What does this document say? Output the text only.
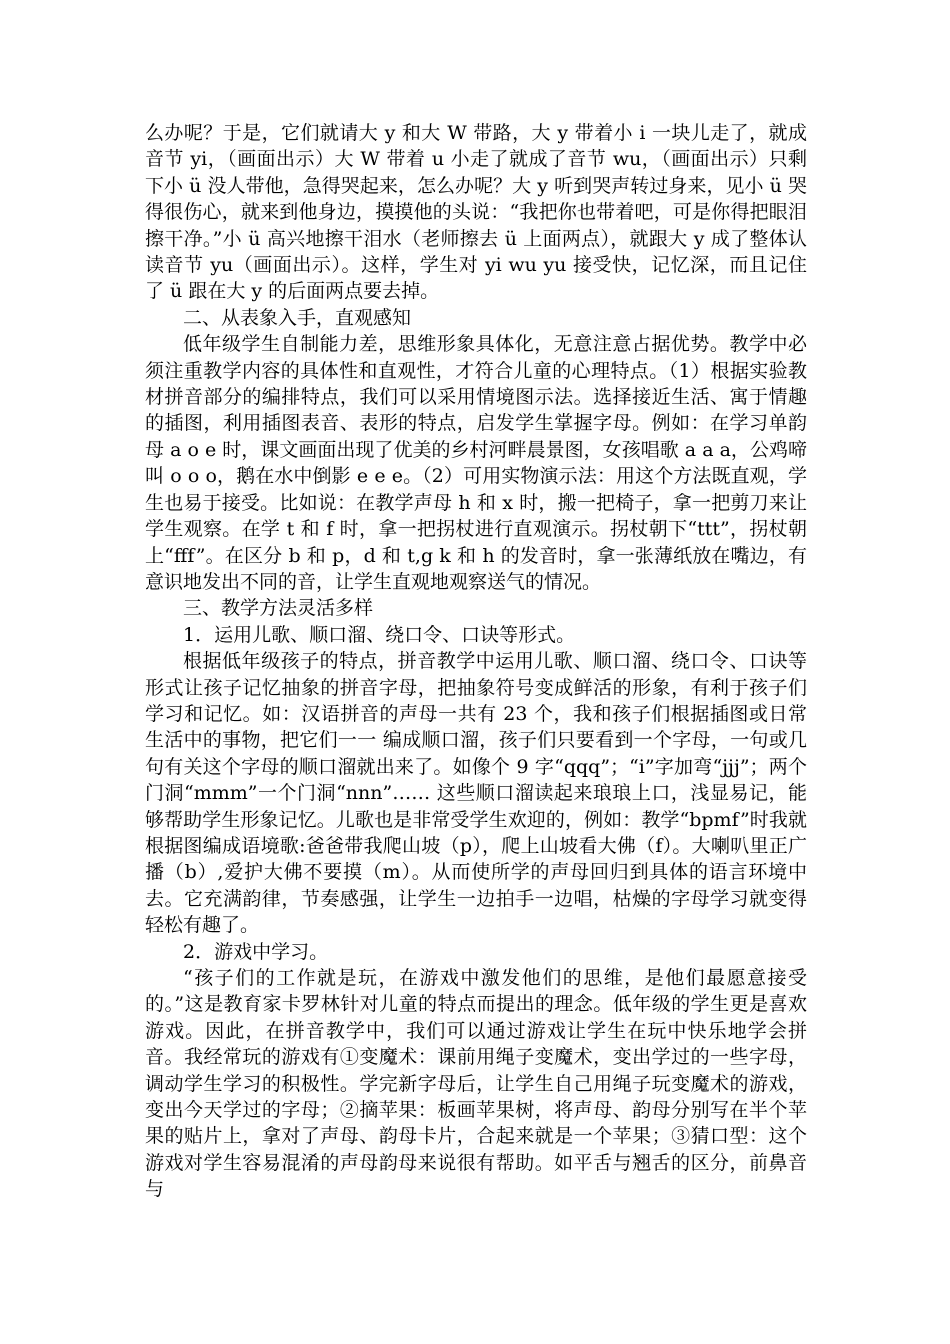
么办呢？于是，它们就请大 y 和大 W 带路，大 y 带着小 i 一块儿走了，就成音节 yi，（画面出示）大 W 带着 u 小走了就成了音节 wu，（画面出示）只剩下小 ü 没人带他，急得哭起来，怎么办呢？大 y 听到哭声转过身来，见小 ü 哭得很伤心，就来到他身边，摸摸他的头说：“我把你也带着吧，可是你得把眼泪擦干净。”小 ü 高兴地擦干泪水（老师擦去 ü 上面两点），就跟大 y 成了整体认读音节 yu（画面出示）。这样，学生对 yi wu yu 接受快，记忆深，而且记住了 ü 跟在大 y 的后面两点要去掉。

二、从表象入手，直观感知

低年级学生自制能力差，思维形象具体化，无意注意占据优势。教学中必须注重教学内容的具体性和直观性，才符合儿童的心理特点。（1）根据实验教材拼音部分的编排特点，我们可以采用情境图示法。选择接近生活、寓于情趣的插图，利用插图表音、表形的特点，启发学生掌握字母。例如：在学习单韵母 a o e 时，课文画面出现了优美的乡村河畔晨景图，女孩唱歌 a a a，公鸡啼叫 o o o，鹅在水中倒影 e e e。（2）可用实物演示法：用这个方法既直观，学生也易于接受。比如说：在教学声母 h 和 x 时，搬一把椅子，拿一把剪刀来让学生观察。在学 t 和 f 时，拿一把拐杖进行直观演示。拐杖朝下“ttt”，拐杖朝上“fff”。在区分 b 和 p，d 和 t,g k 和 h 的发音时，拿一张薄纸放在嘴边，有意识地发出不同的音，让学生直观地观察送气的情况。

三、教学方法灵活多样

1．运用儿歌、顺口溜、绕口令、口诀等形式。

根据低年级孩子的特点，拼音教学中运用儿歌、顺口溜、绕口令、口诀等形式让孩子记忆抽象的拼音字母，把抽象符号变成鲜活的形象，有利于孩子们学习和记忆。如：汉语拼音的声母一共有 23 个，我和孩子们根据插图或日常生活中的事物，把它们一一 编成顺口溜，孩子们只要看到一个字母，一句或几句有关这个字母的顺口溜就出来了。如像个 9 字“qqq”；“i”字加弯“jjj”；两个门洞“mmm”一个门洞“nnn”…… 这些顺口溜读起来琅琅上口，浅显易记，能够帮助学生形象记忆。儿歌也是非常受学生欢迎的，例如：教学“bpmf”时我就根据图编成语境歌:爸爸带我爬山坡（p），爬上山坡看大佛（f）。大喇叭里正广播（b）,爱护大佛不要摸（m）。从而使所学的声母回归到具体的语言环境中去。它充满韵律，节奏感强，让学生一边拍手一边唱，枯燥的字母学习就变得轻松有趣了。

2．游戏中学习。

“孩子们的工作就是玩，在游戏中激发他们的思维，是他们最愿意接受的。”这是教育家卡罗林针对儿童的特点而提出的理念。低年级的学生更是喜欢游戏。因此，在拼音教学中，我们可以通过游戏让学生在玩中快乐地学会拼音。我经常玩的游戏有①变魔术：课前用绳子变魔术，变出学过的一些字母，调动学生学习的积极性。学完新字母后，让学生自己用绳子玩变魔术的游戏，变出今天学过的字母；②摘苹果：板画苹果树，将声母、韵母分别写在半个苹果的贴片上，拿对了声母、韵母卡片，合起来就是一个苹果；③猜口型：这个游戏对学生容易混淆的声母韵母来说很有帮助。如平舌与翘舌的区分，前鼻音与
